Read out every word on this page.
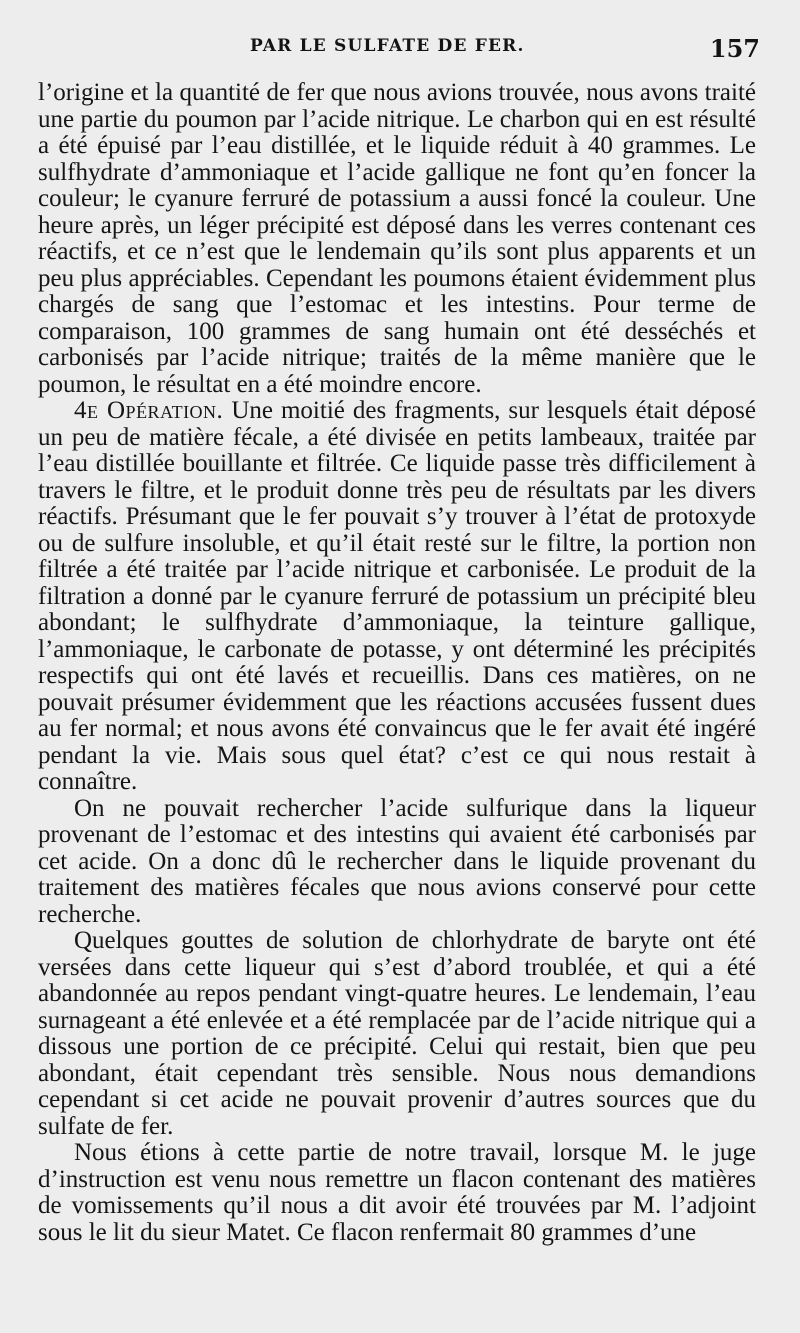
PAR LE SULFATE DE FER.	157

l’origine et la quantité de fer que nous avions trouvée, nous avons traité une partie du poumon par l’acide nitrique. Le charbon qui en est résulté a été épuisé par l’eau distillée, et le liquide réduit à 40 grammes. Le sulfhydrate d’ammoniaque et l’acide gallique ne font qu’en foncer la couleur; le cyanure ferruré de potassium a aussi foncé la couleur. Une heure après, un léger précipité est déposé dans les verres contenant ces réactifs, et ce n’est que le lendemain qu’ils sont plus apparents et un peu plus appréciables. Cependant les poumons étaient évidemment plus chargés de sang que l’estomac et les intestins. Pour terme de comparaison, 100 grammes de sang humain ont été desséchés et carbonisés par l’acide nitrique; traités de la même manière que le poumon, le résultat en a été moindre encore.

4e Opération. Une moitié des fragments, sur lesquels était déposé un peu de matière fécale, a été divisée en petits lambeaux, traitée par l’eau distillée bouillante et filtrée. Ce liquide passe très difficilement à travers le filtre, et le produit donne très peu de résultats par les divers réactifs. Présumant que le fer pouvait s’y trouver à l’état de protoxyde ou de sulfure insoluble, et qu’il était resté sur le filtre, la portion non filtrée a été traitée par l’acide nitrique et carbonisée. Le produit de la filtration a donné par le cyanure ferruré de potassium un précipité bleu abondant; le sulfhydrate d’ammoniaque, la teinture gallique, l’ammoniaque, le carbonate de potasse, y ont déterminé les précipités respectifs qui ont été lavés et recueillis. Dans ces matières, on ne pouvait présumer évidemment que les réactions accusées fussent dues au fer normal; et nous avons été convaincus que le fer avait été ingéré pendant la vie. Mais sous quel état? c’est ce qui nous restait à connaître.

On ne pouvait rechercher l’acide sulfurique dans la liqueur provenant de l’estomac et des intestins qui avaient été carbonisés par cet acide. On a donc dû le rechercher dans le liquide provenant du traitement des matières fécales que nous avions conservé pour cette recherche.

Quelques gouttes de solution de chlorhydrate de baryte ont été versées dans cette liqueur qui s’est d’abord troublée, et qui a été abandonnée au repos pendant vingt-quatre heures. Le lendemain, l’eau surnageant a été enlevée et a été remplacée par de l’acide nitrique qui a dissous une portion de ce précipité. Celui qui restait, bien que peu abondant, était cependant très sensible. Nous nous demandions cependant si cet acide ne pouvait provenir d’autres sources que du sulfate de fer.

Nous étions à cette partie de notre travail, lorsque M. le juge d’instruction est venu nous remettre un flacon contenant des matières de vomissements qu’il nous a dit avoir été trouvées par M. l’adjoint sous le lit du sieur Matet. Ce flacon renfermait 80 grammes d’une
